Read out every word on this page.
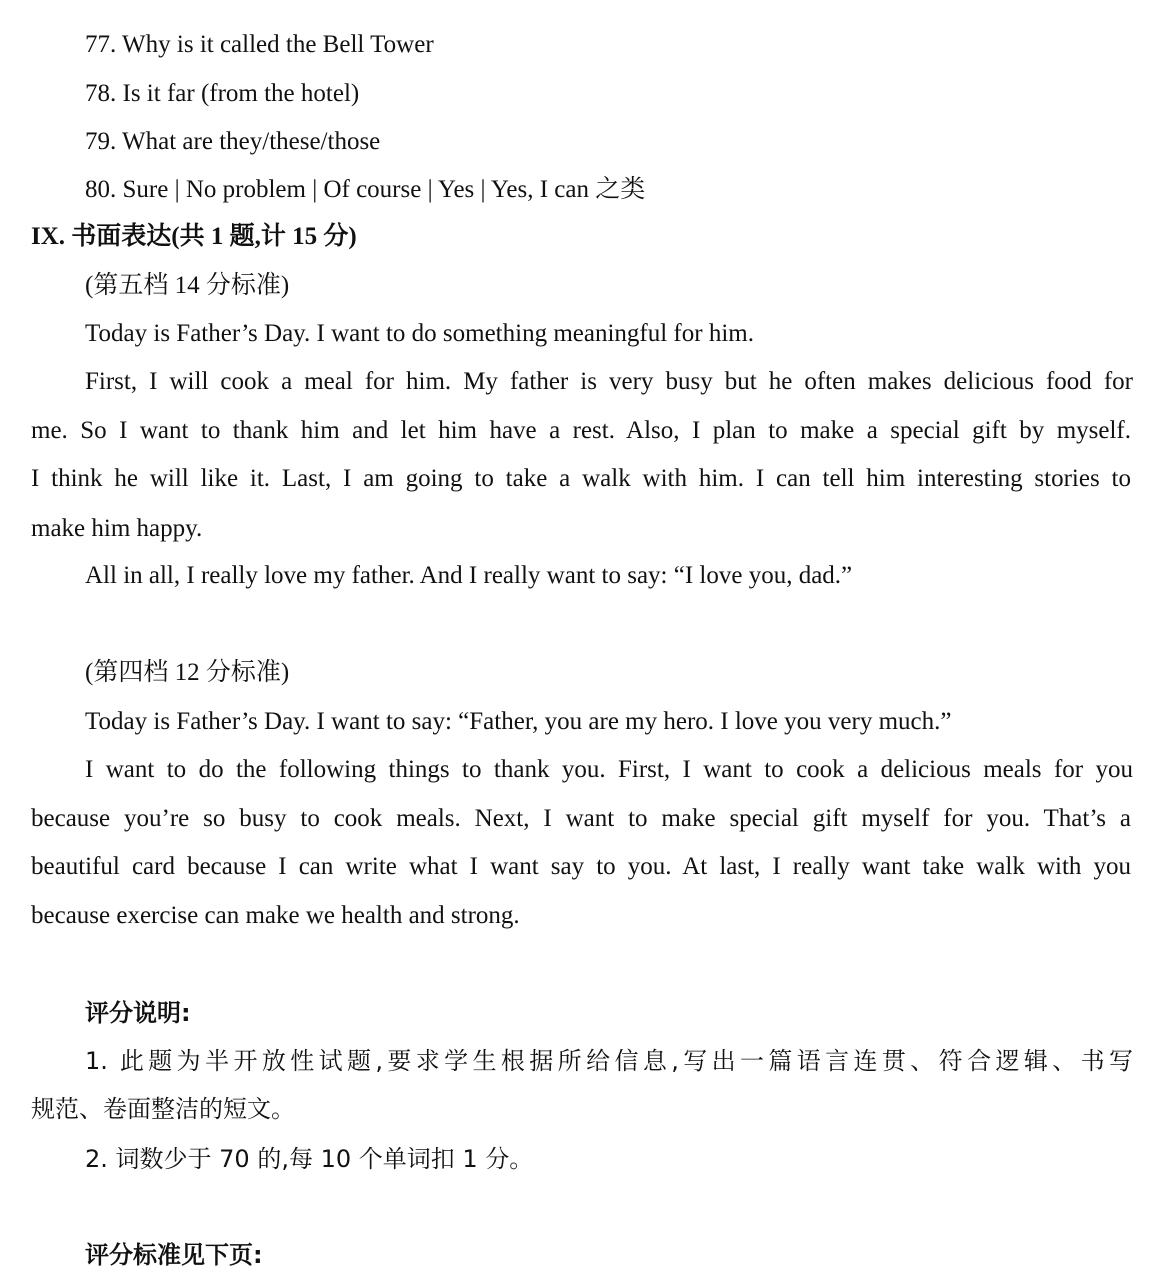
77. Why is it called the Bell Tower
78. Is it far (from the hotel)
79. What are they/these/those
80. Sure | No problem | Of course | Yes | Yes, I can 之类
IX. 书面表达(共 1 题,计 15 分)
(第五档 14 分标准)
Today is Father’s Day. I want to do something meaningful for him.
First, I will cook a meal for him. My father is very busy but he often makes delicious food for
me. So I want to thank him and let him have a rest. Also, I plan to make a special gift by myself.
I think he will like it. Last, I am going to take a walk with him. I can tell him interesting stories to
make him happy.
All in all, I really love my father. And I really want to say: “I love you, dad.”
(第四档 12 分标准)
Today is Father’s Day. I want to say: “Father, you are my hero. I love you very much.”
I want to do the following things to thank you. First, I want to cook a delicious meals for you
because you’re so busy to cook meals. Next, I want to make special gift myself for you. That’s a
beautiful card because I can write what I want say to you. At last, I really want take walk with you
because exercise can make we health and strong.
评分说明:
1. 此题为半开放性试题,要求学生根据所给信息,写出一篇语言连贯、符合逻辑、书写
规范、卷面整洁的短文。
2. 词数少于 70 的,每 10 个单词扣 1 分。
评分标准见下页:
